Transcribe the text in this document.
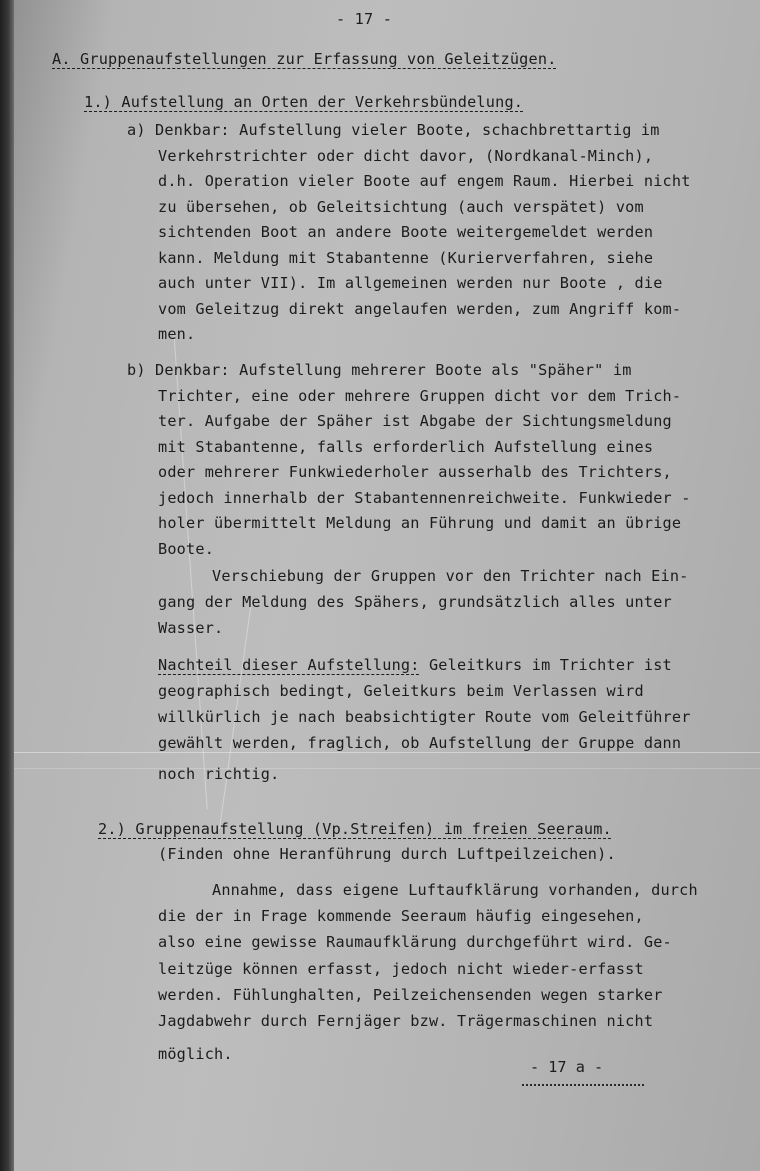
- 17 -
A. Gruppenaufstellungen zur Erfassung von Geleitzügen.
1.) Aufstellung an Orten der Verkehrsbündelung.
a) Denkbar: Aufstellung vieler Boote, schachbrettartig im
Verkehrstrichter oder dicht davor, (Nordkanal-Minch),
d.h. Operation vieler Boote auf engem Raum. Hierbei nicht
zu übersehen, ob Geleitsichtung (auch verspätet) vom
sichtenden Boot an andere Boote weitergemeldet werden
kann. Meldung mit Stabantenne (Kurierverfahren, siehe
auch unter VII). Im allgemeinen werden nur Boote , die
vom Geleitzug direkt angelaufen werden, zum Angriff kom-
men.
b) Denkbar: Aufstellung mehrerer Boote als "Späher" im
Trichter, eine oder mehrere Gruppen dicht vor dem Trich-
ter. Aufgabe der Späher ist Abgabe der Sichtungsmeldung
mit Stabantenne, falls erforderlich Aufstellung eines
oder mehrerer Funkwiederholer ausserhalb des Trichters,
jedoch innerhalb der Stabantennenreichweite. Funkwieder -
holer übermittelt Meldung an Führung und damit an übrige
Boote.
Verschiebung der Gruppen vor den Trichter nach Ein-
gang der Meldung des Spähers, grundsätzlich alles unter
Wasser.
Nachteil dieser Aufstellung: Geleitkurs im Trichter ist
geographisch bedingt, Geleitkurs beim Verlassen wird
willkürlich je nach beabsichtigter Route vom Geleitführer
gewählt werden, fraglich, ob Aufstellung der Gruppe dann
noch richtig.
2.) Gruppenaufstellung (Vp.Streifen) im freien Seeraum.
(Finden ohne Heranführung durch Luftpeilzeichen).
Annahme, dass eigene Luftaufklärung vorhanden, durch
die der in Frage kommende Seeraum häufig eingesehen,
also eine gewisse Raumaufklärung durchgeführt wird. Ge-
leitzüge können erfasst, jedoch nicht wieder-erfasst
werden. Fühlunghalten, Peilzeichensenden wegen starker
Jagdabwehr durch Fernjäger bzw. Trägermaschinen nicht
möglich.
- 17 a -
